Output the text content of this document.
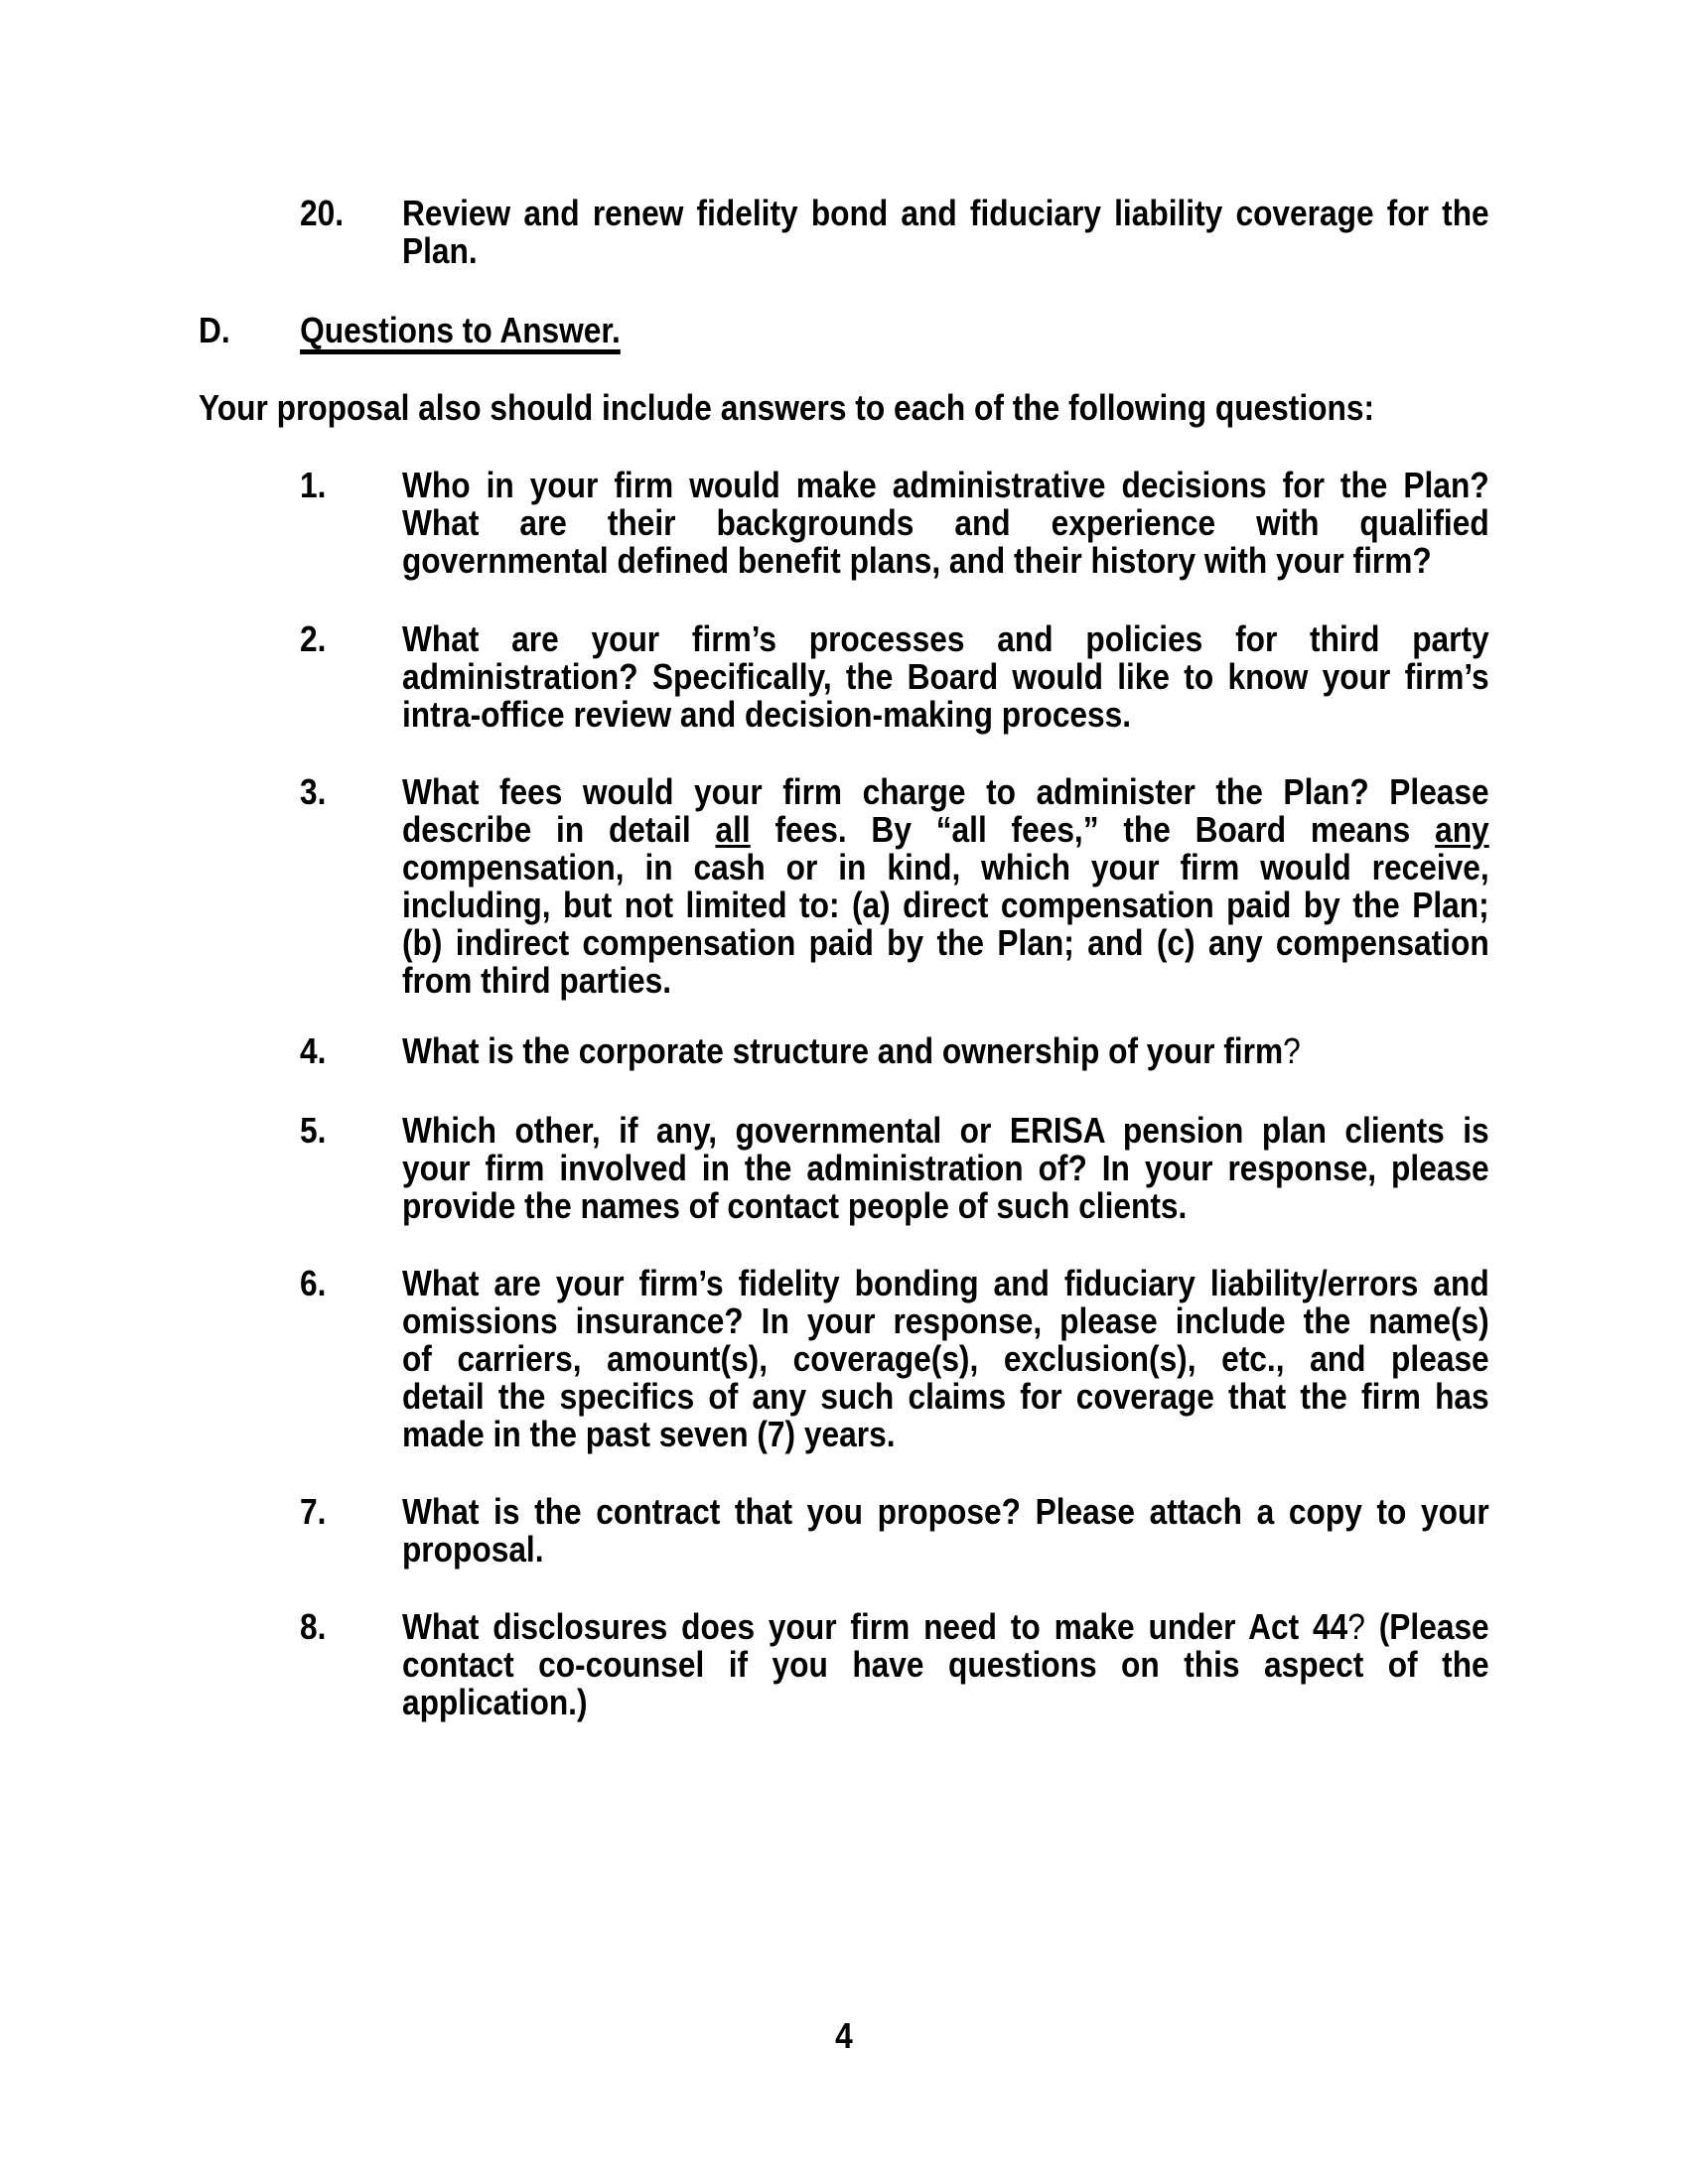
20. Review and renew fidelity bond and fiduciary liability coverage for the
Plan.
D. Questions to Answer.
Your proposal also should include answers to each of the following questions:
1. Who in your firm would make administrative decisions for the Plan?
What are their backgrounds and experience with qualified
governmental defined benefit plans, and their history with your firm?
2. What are your firm’s processes and policies for third party
administration? Specifically, the Board would like to know your firm’s
intra-office review and decision-making process.
3. What fees would your firm charge to administer the Plan? Please
describe in detail all fees. By “all fees,” the Board means any
compensation, in cash or in kind, which your firm would receive,
including, but not limited to: (a) direct compensation paid by the Plan;
(b) indirect compensation paid by the Plan; and (c) any compensation
from third parties.
4. What is the corporate structure and ownership of your firm?
5. Which other, if any, governmental or ERISA pension plan clients is
your firm involved in the administration of? In your response, please
provide the names of contact people of such clients.
6. What are your firm’s fidelity bonding and fiduciary liability/errors and
omissions insurance? In your response, please include the name(s)
of carriers, amount(s), coverage(s), exclusion(s), etc., and please
detail the specifics of any such claims for coverage that the firm has
made in the past seven (7) years.
7. What is the contract that you propose? Please attach a copy to your
proposal.
8. What disclosures does your firm need to make under Act 44? (Please
contact co-counsel if you have questions on this aspect of the
application.)
4
